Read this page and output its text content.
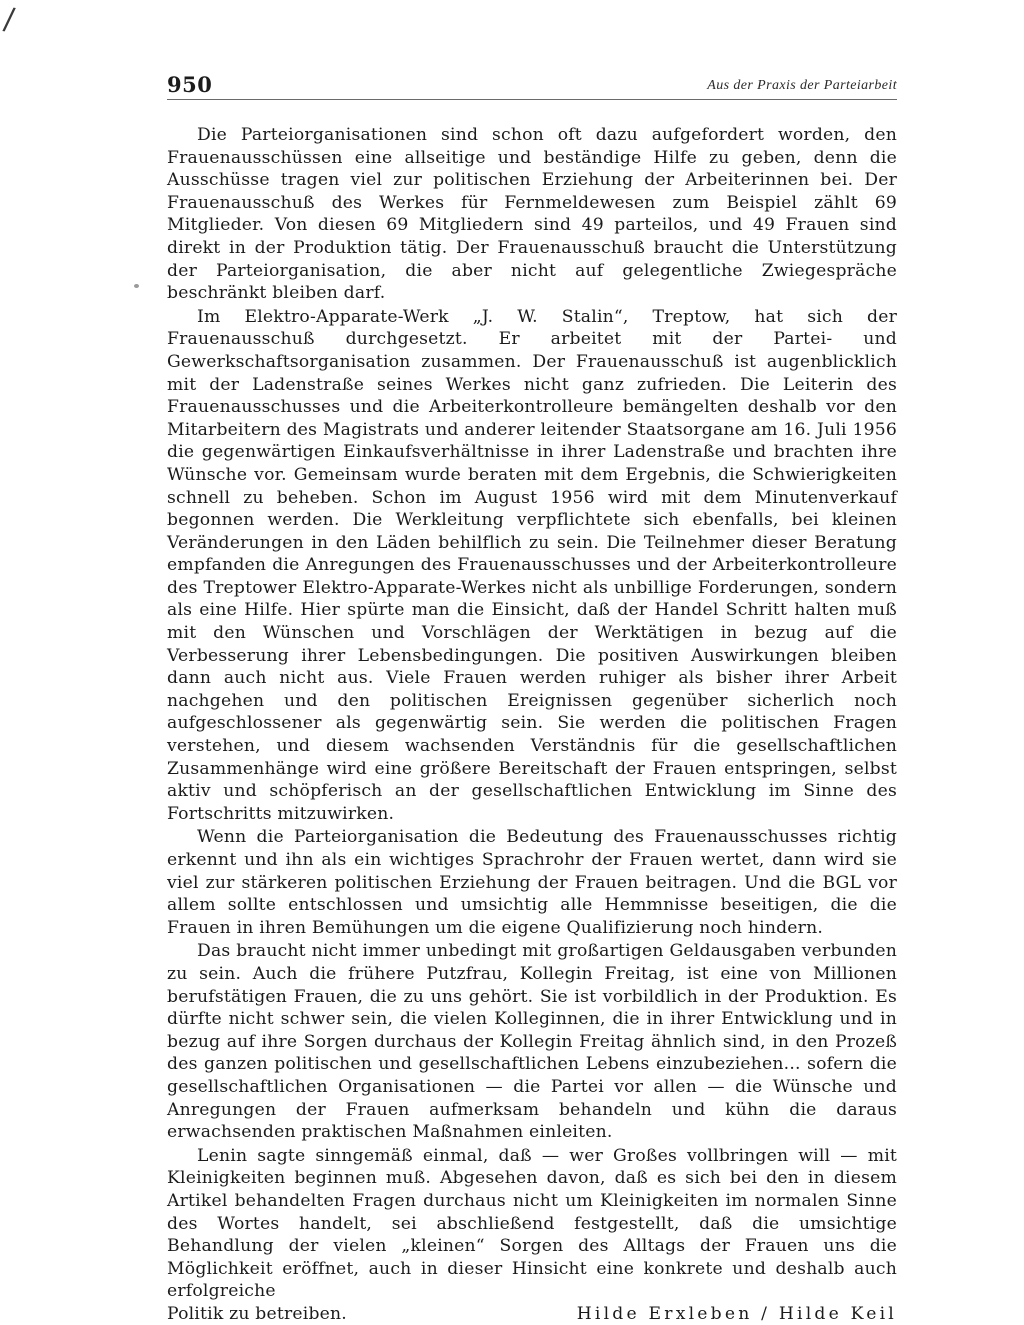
/
950	Aus der Praxis der Parteiarbeit

Die Parteiorganisationen sind schon oft dazu aufgefordert worden, den Frauenausschüssen eine allseitige und beständige Hilfe zu geben, denn die Ausschüsse tragen viel zur politischen Erziehung der Arbeiterinnen bei. Der Frauenausschuß des Werkes für Fernmeldewesen zum Beispiel zählt 69 Mitglieder. Von diesen 69 Mitgliedern sind 49 parteilos, und 49 Frauen sind direkt in der Produktion tätig. Der Frauenausschuß braucht die Unterstützung der Parteiorganisation, die aber nicht auf gelegentliche Zwiegespräche beschränkt bleiben darf.

Im Elektro-Apparate-Werk „J. W. Stalin“, Treptow, hat sich der Frauenausschuß durchgesetzt. Er arbeitet mit der Partei- und Gewerkschaftsorganisation zusammen. Der Frauenausschuß ist augenblicklich mit der Ladenstraße seines Werkes nicht ganz zufrieden. Die Leiterin des Frauenausschusses und die Arbeiterkontrolleure bemängelten deshalb vor den Mitarbeitern des Magistrats und anderer leitender Staatsorgane am 16. Juli 1956 die gegenwärtigen Einkaufsverhältnisse in ihrer Ladenstraße und brachten ihre Wünsche vor. Gemeinsam wurde beraten mit dem Ergebnis, die Schwierigkeiten schnell zu beheben. Schon im August 1956 wird mit dem Minutenverkauf begonnen werden. Die Werkleitung verpflichtete sich ebenfalls, bei kleinen Veränderungen in den Läden behilflich zu sein. Die Teilnehmer dieser Beratung empfanden die Anregungen des Frauenausschusses und der Arbeiterkontrolleure des Treptower Elektro-Apparate-Werkes nicht als unbillige Forderungen, sondern als eine Hilfe. Hier spürte man die Einsicht, daß der Handel Schritt halten muß mit den Wünschen und Vorschlägen der Werktätigen in bezug auf die Verbesserung ihrer Lebensbedingungen. Die positiven Auswirkungen bleiben dann auch nicht aus. Viele Frauen werden ruhiger als bisher ihrer Arbeit nachgehen und den politischen Ereignissen gegenüber sicherlich noch aufgeschlossener als gegenwärtig sein. Sie werden die politischen Fragen verstehen, und diesem wachsenden Verständnis für die gesellschaftlichen Zusammenhänge wird eine größere Bereitschaft der Frauen entspringen, selbst aktiv und schöpferisch an der gesellschaftlichen Entwicklung im Sinne des Fortschritts mitzuwirken.

Wenn die Parteiorganisation die Bedeutung des Frauenausschusses richtig erkennt und ihn als ein wichtiges Sprachrohr der Frauen wertet, dann wird sie viel zur stärkeren politischen Erziehung der Frauen beitragen. Und die BGL vor allem sollte entschlossen und umsichtig alle Hemmnisse beseitigen, die die Frauen in ihren Bemühungen um die eigene Qualifizierung noch hindern.

Das braucht nicht immer unbedingt mit großartigen Geldausgaben verbunden zu sein. Auch die frühere Putzfrau, Kollegin Freitag, ist eine von Millionen berufstätigen Frauen, die zu uns gehört. Sie ist vorbildlich in der Produktion. Es dürfte nicht schwer sein, die vielen Kolleginnen, die in ihrer Entwicklung und in bezug auf ihre Sorgen durchaus der Kollegin Freitag ähnlich sind, in den Prozeß des ganzen politischen und gesellschaftlichen Lebens einzubeziehen... sofern die gesellschaftlichen Organisationen — die Partei vor allen — die Wünsche und Anregungen der Frauen aufmerksam behandeln und kühn die daraus erwachsenden praktischen Maßnahmen einleiten.

Lenin sagte sinngemäß einmal, daß — wer Großes vollbringen will — mit Kleinigkeiten beginnen muß. Abgesehen davon, daß es sich bei den in diesem Artikel behandelten Fragen durchaus nicht um Kleinigkeiten im normalen Sinne des Wortes handelt, sei abschließend festgestellt, daß die umsichtige Behandlung der vielen „kleinen“ Sorgen des Alltags der Frauen uns die Möglichkeit eröffnet, auch in dieser Hinsicht eine konkrete und deshalb auch erfolgreiche

Politik zu betreiben.	Hilde Erxleben / Hilde Keil
